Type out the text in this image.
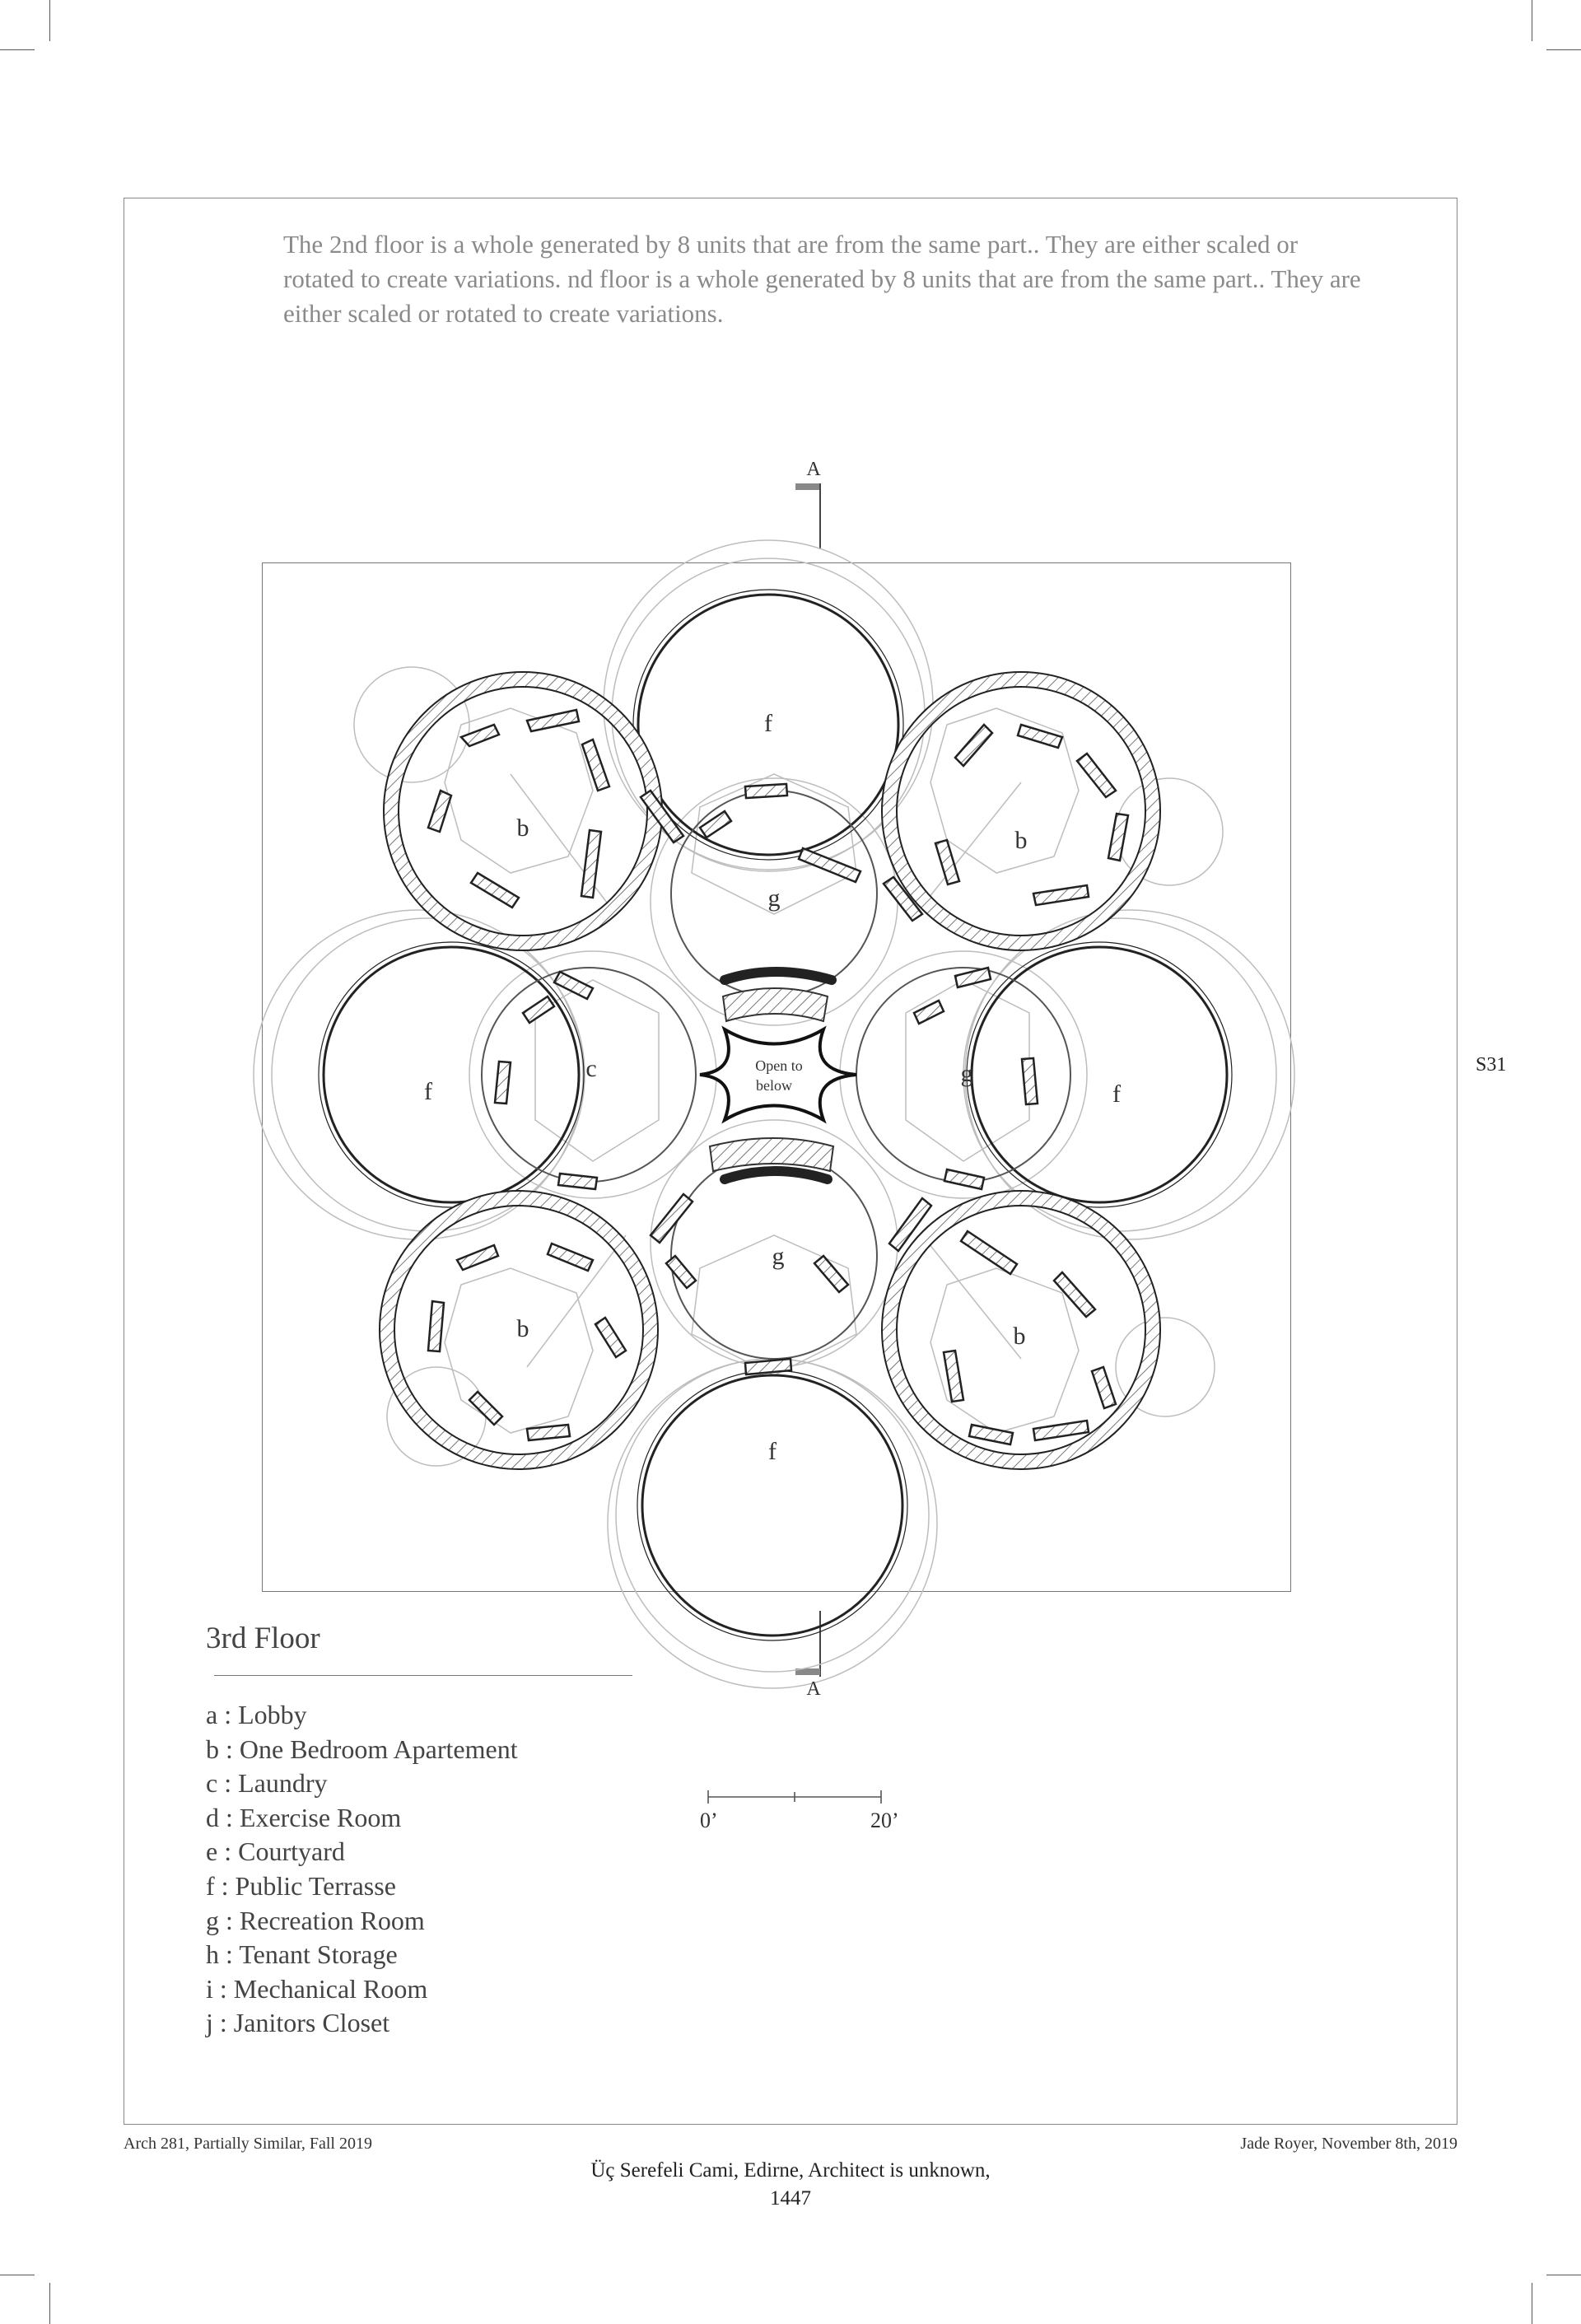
The 2nd floor is a whole generated by 8 units that are from the same part.. They are either scaled or rotated to create variations. nd floor is a whole generated by 8 units that are from the same part.. They are either scaled or rotated to create variations.

f
f	f
f
b	b
b	b
c
g
g
g
Open to
below
A
A
0’	20’
3rd Floor
a : Lobby
b : One Bedroom Apartement
c : Laundry
d : Exercise Room
e : Courtyard
f : Public Terrasse
g : Recreation Room
h : Tenant Storage
i : Mechanical Room
j : Janitors Closet
S31
Arch 281, Partially Similar, Fall 2019	Jade Royer, November 8th, 2019
Üç Serefeli Cami, Edirne, Architect is unknown,
1447
